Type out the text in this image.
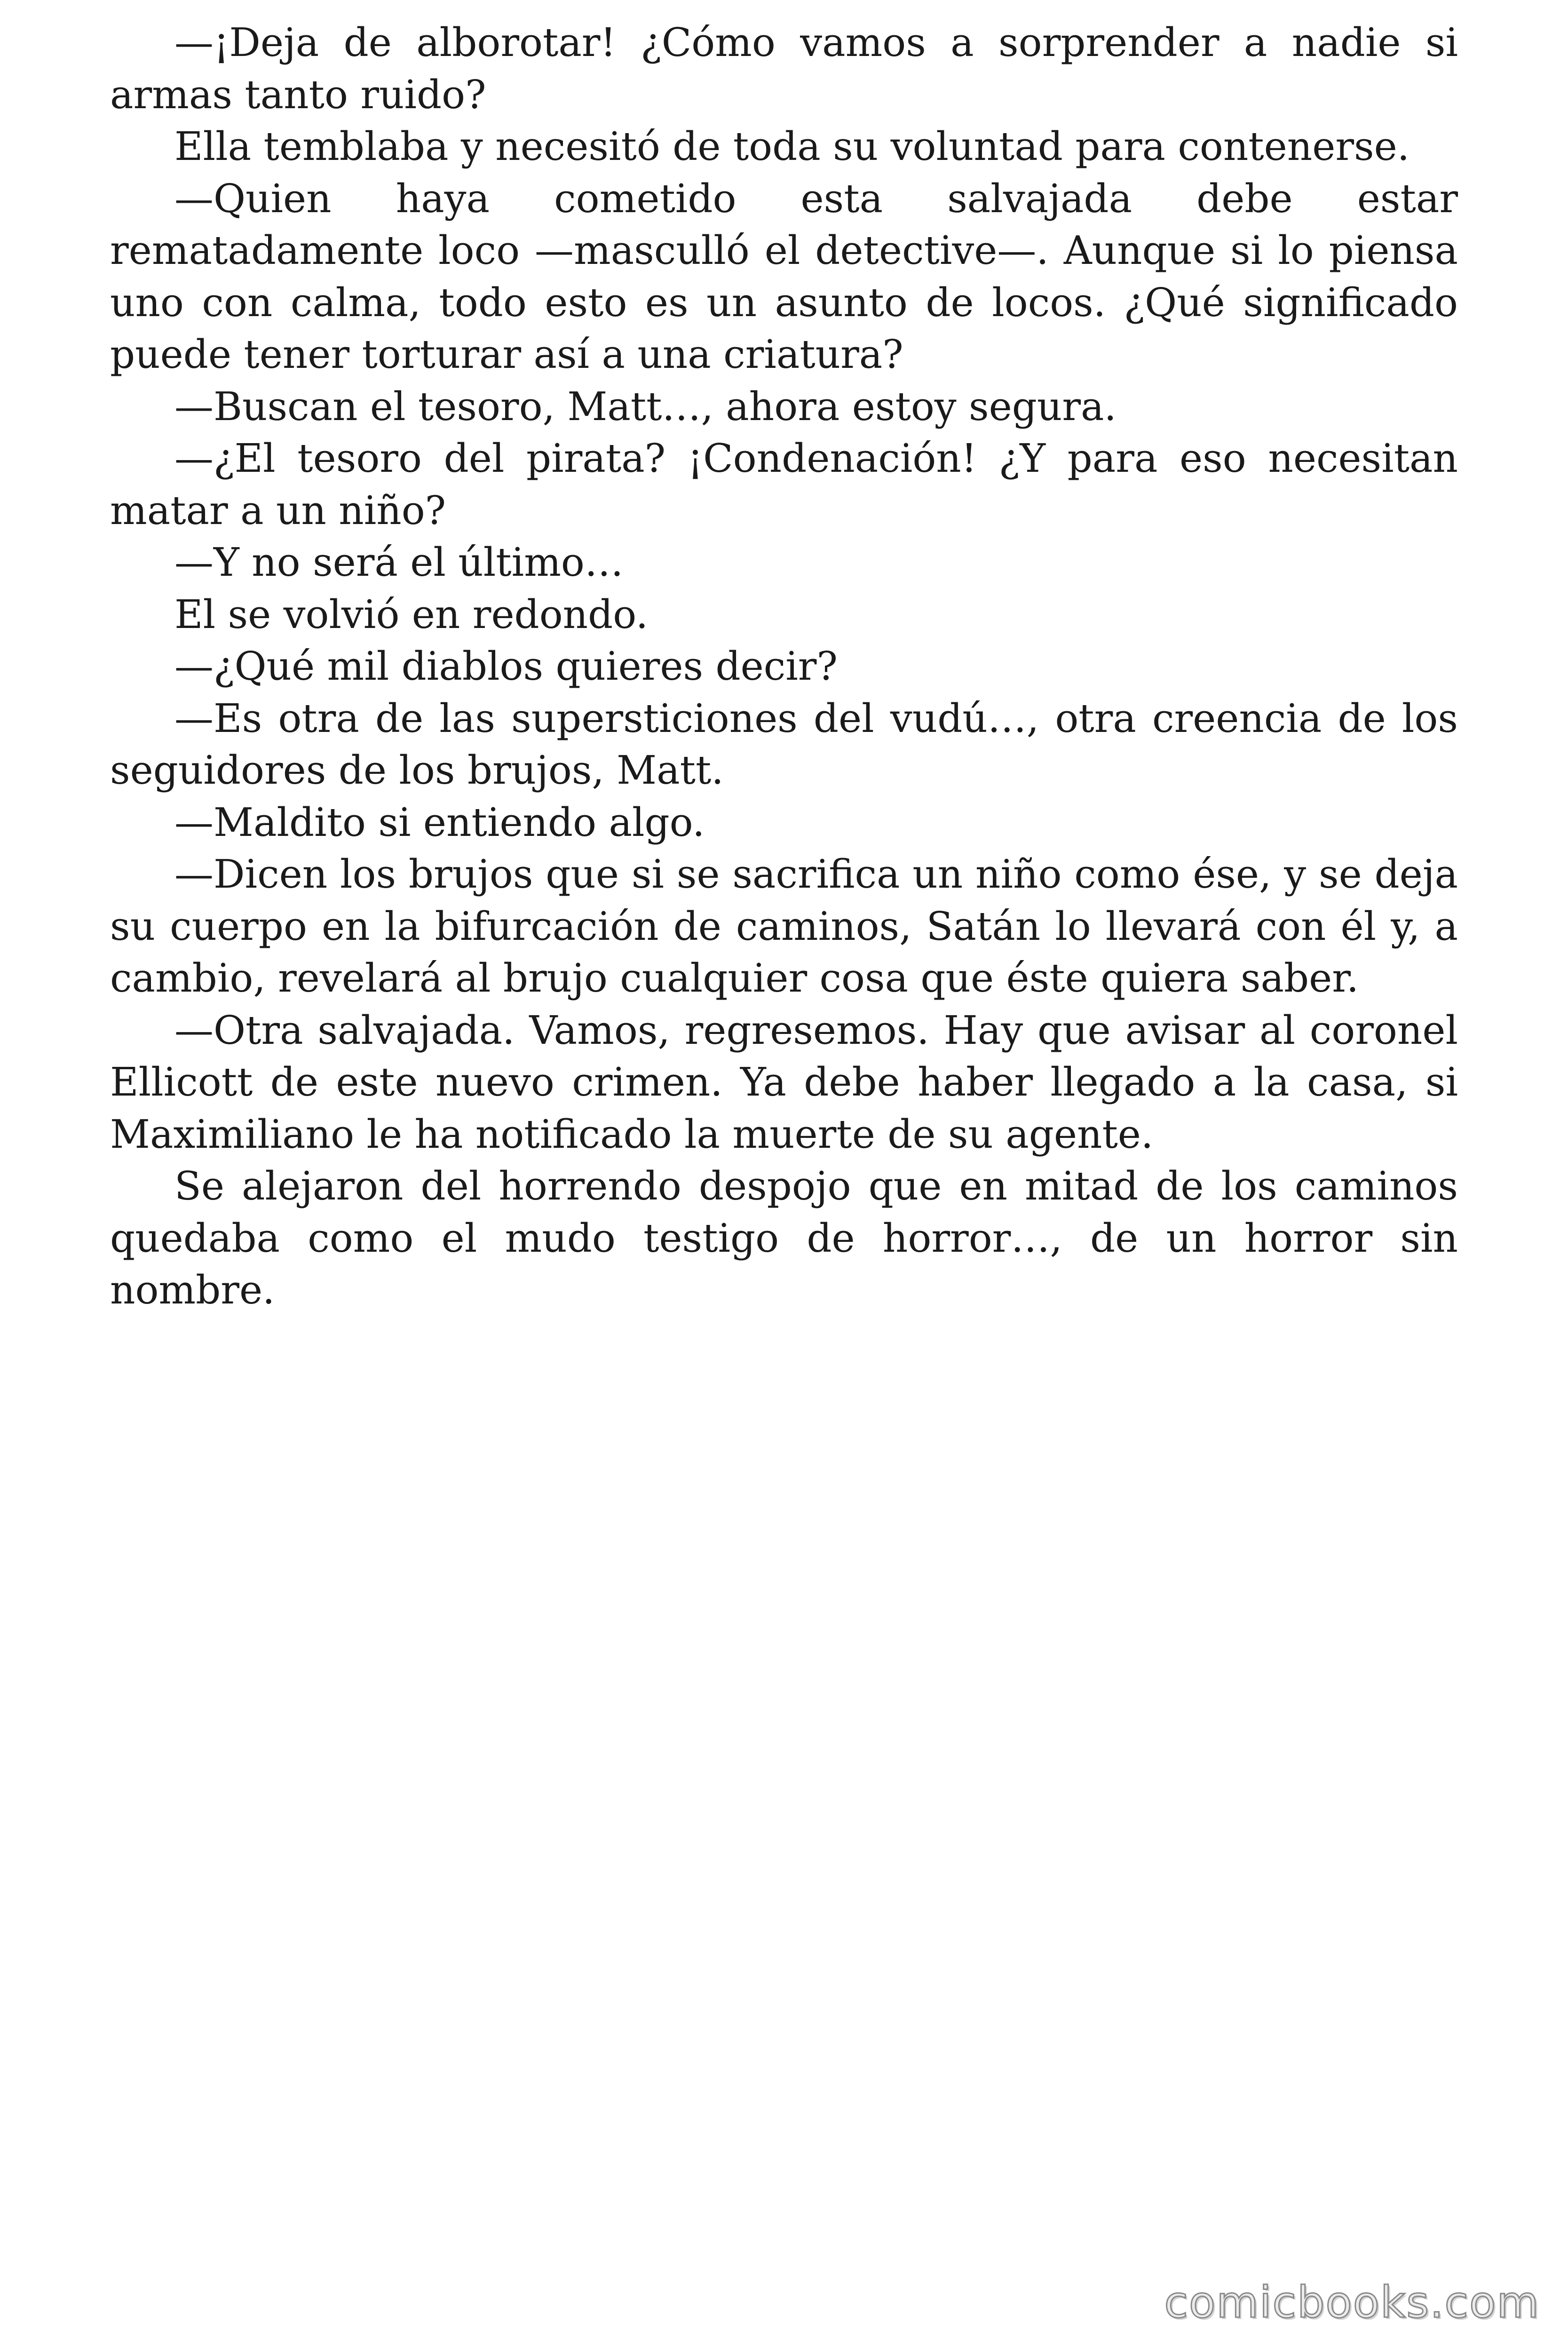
—¡Deja de alborotar! ¿Cómo vamos a sorprender a nadie si armas tanto ruido?

Ella temblaba y necesitó de toda su voluntad para contenerse.

—Quien haya cometido esta salvajada debe estar rematadamente loco —masculló el detective—. Aunque si lo piensa uno con calma, todo esto es un asunto de locos. ¿Qué significado puede tener torturar así a una criatura?

—Buscan el tesoro, Matt…, ahora estoy segura.

—¿El tesoro del pirata? ¡Condenación! ¿Y para eso necesitan matar a un niño?

—Y no será el último…

El se volvió en redondo.

—¿Qué mil diablos quieres decir?

—Es otra de las supersticiones del vudú…, otra creencia de los seguidores de los brujos, Matt.

—Maldito si entiendo algo.

—Dicen los brujos que si se sacrifica un niño como ése, y se deja su cuerpo en la bifurcación de caminos, Satán lo llevará con él y, a cambio, revelará al brujo cualquier cosa que éste quiera saber.

—Otra salvajada. Vamos, regresemos. Hay que avisar al coronel Ellicott de este nuevo crimen. Ya debe haber llegado a la casa, si Maximiliano le ha notificado la muerte de su agente.

Se alejaron del horrendo despojo que en mitad de los caminos quedaba como el mudo testigo de horror…, de un horror sin nombre.

comicbooks.com
